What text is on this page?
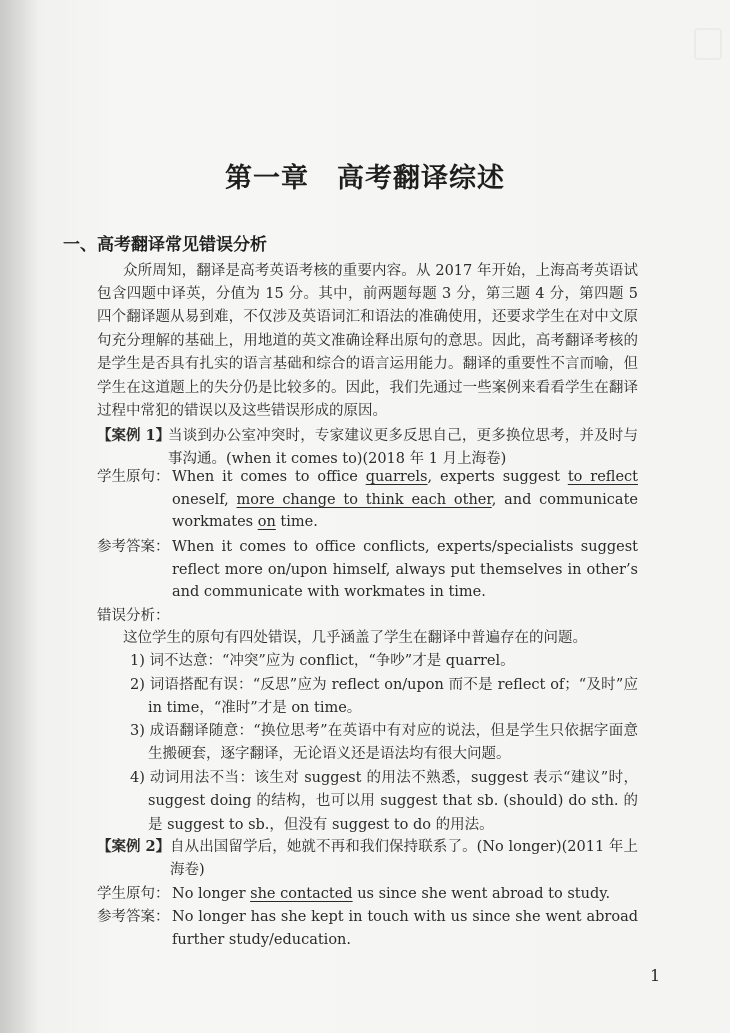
第一章 高考翻译综述
一、高考翻译常见错误分析
众所周知，翻译是高考英语考核的重要内容。从 2017 年开始，上海高考英语试
包含四题中译英，分值为 15 分。其中，前两题每题 3 分，第三题 4 分，第四题 5
四个翻译题从易到难，不仅涉及英语词汇和语法的准确使用，还要求学生在对中文原
句充分理解的基础上，用地道的英文准确诠释出原句的意思。因此，高考翻译考核的
是学生是否具有扎实的语言基础和综合的语言运用能力。翻译的重要性不言而喻，但
学生在这道题上的失分仍是比较多的。因此，我们先通过一些案例来看看学生在翻译
过程中常犯的错误以及这些错误形成的原因。
【案例 1】
当谈到办公室冲突时，专家建议更多反思自己，更多换位思考，并及时与
事沟通。(when it comes to)(2018 年 1 月上海卷)
学生原句： When it comes to office quarrels, experts suggest to reflect
oneself, more change to think each other, and communicate
workmates on time.
参考答案： When it comes to office conflicts, experts/specialists suggest
reflect more on/upon himself, always put themselves in other’s
and communicate with workmates in time.
错误分析：
这位学生的原句有四处错误，几乎涵盖了学生在翻译中普遍存在的问题。
1) 词不达意：“冲突”应为 conflict，“争吵”才是 quarrel。
2) 词语搭配有误：“反思”应为 reflect on/upon 而不是 reflect of；“及时”应
in time，“准时”才是 on time。
3) 成语翻译随意：“换位思考”在英语中有对应的说法，但是学生只依据字面意
生搬硬套，逐字翻译，无论语义还是语法均有很大问题。
4) 动词用法不当：该生对 suggest 的用法不熟悉，suggest 表示“建议”时，
suggest doing 的结构，也可以用 suggest that sb. (should) do sth. 的
是 suggest to sb.，但没有 suggest to do 的用法。
【案例 2】 自从出国留学后，她就不再和我们保持联系了。(No longer)(2011 年上
海卷)
学生原句： No longer she contacted us since she went abroad to study.
参考答案： No longer has she kept in touch with us since she went abroad
further study/education.
1
